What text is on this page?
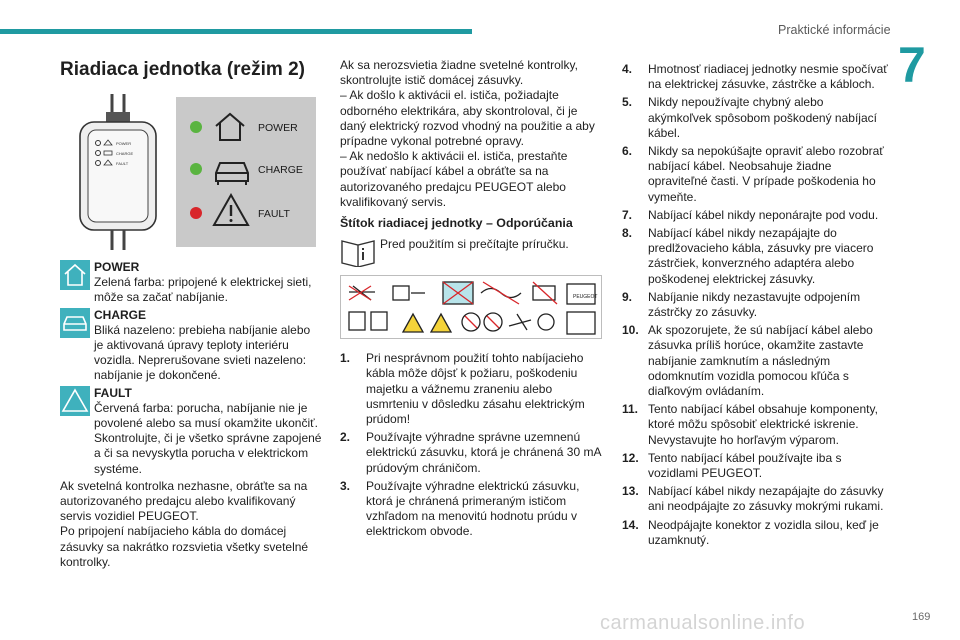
Praktické informácie
7
Riadiaca jednotka (režim 2)
POWER
CHARGE
FAULT
POWER
CHARGE
FAULT
POWER
Zelená farba: pripojené k elektrickej sieti, môže sa začať nabíjanie.
CHARGE
Bliká nazeleno: prebieha nabíjanie alebo je aktivovaná úpravy teploty interiéru vozidla. Neprerušovane svieti nazeleno: nabíjanie je dokončené.
FAULT
Červená farba: porucha, nabíjanie nie je povolené alebo sa musí okamžite ukončiť. Skontrolujte, či je všetko správne zapojené a či sa nevyskytla porucha v elektrickom systéme.

Ak svetelná kontrolka nezhasne, obráťte sa na autorizovaného predajcu alebo kvalifikovaný servis vozidiel PEUGEOT.

Po pripojení nabíjacieho kábla do domácej zásuvky sa nakrátko rozsvietia všetky svetelné kontrolky.

Ak sa nerozsvietia žiadne svetelné kontrolky, skontrolujte istič domácej zásuvky.

– Ak došlo k aktivácii el. ističa, požiadajte odborného elektrikára, aby skontroloval, či je daný elektrický rozvod vhodný na použitie a aby prípadne vykonal potrebné opravy.

– Ak nedošlo k aktivácii el. ističa, prestaňte používať nabíjací kábel a obráťte sa na autorizovaného predajcu PEUGEOT alebo kvalifikovaný servis.

Štítok riadiacej jednotky – Odporúčania
Pred použitím si prečítajte príručku.
PEUGEOT
1. Pri nesprávnom použití tohto nabíjacieho kábla môže dôjsť k požiaru, poškodeniu majetku a vážnemu zraneniu alebo usmrteniu v dôsledku zásahu elektrickým prúdom!
2. Používajte výhradne správne uzemnenú elektrickú zásuvku, ktorá je chránená 30 mA prúdovým chráničom.
3. Používajte výhradne elektrickú zásuvku, ktorá je chránená primeraným ističom vzhľadom na menovitú hodnotu prúdu v elektrickom obvode.
4. Hmotnosť riadiacej jednotky nesmie spočívať na elektrickej zásuvke, zástrčke a kábloch.
5. Nikdy nepoužívajte chybný alebo akýmkoľvek spôsobom poškodený nabíjací kábel.
6. Nikdy sa nepokúšajte opraviť alebo rozobrať nabíjací kábel. Neobsahuje žiadne opraviteľné časti. V prípade poškodenia ho vymeňte.
7. Nabíjací kábel nikdy neponárajte pod vodu.
8. Nabíjací kábel nikdy nezapájajte do predlžovacieho kábla, zásuvky pre viacero zástrčiek, konverzného adaptéra alebo poškodenej elektrickej zásuvky.
9. Nabíjanie nikdy nezastavujte odpojením zástrčky zo zásuvky.
10. Ak spozorujete, že sú nabíjací kábel alebo zásuvka príliš horúce, okamžite zastavte nabíjanie zamknutím a následným odomknutím vozidla pomocou kľúča s diaľkovým ovládaním.
11. Tento nabíjací kábel obsahuje komponenty, ktoré môžu spôsobiť elektrické iskrenie. Nevystavujte ho horľavým výparom.
12. Tento nabíjací kábel používajte iba s vozidlami PEUGEOT.
13. Nabíjací kábel nikdy nezapájajte do zásuvky ani neodpájajte zo zásuvky mokrými rukami.
14. Neodpájajte konektor z vozidla silou, keď je uzamknutý.
carmanualsonline.info	169
